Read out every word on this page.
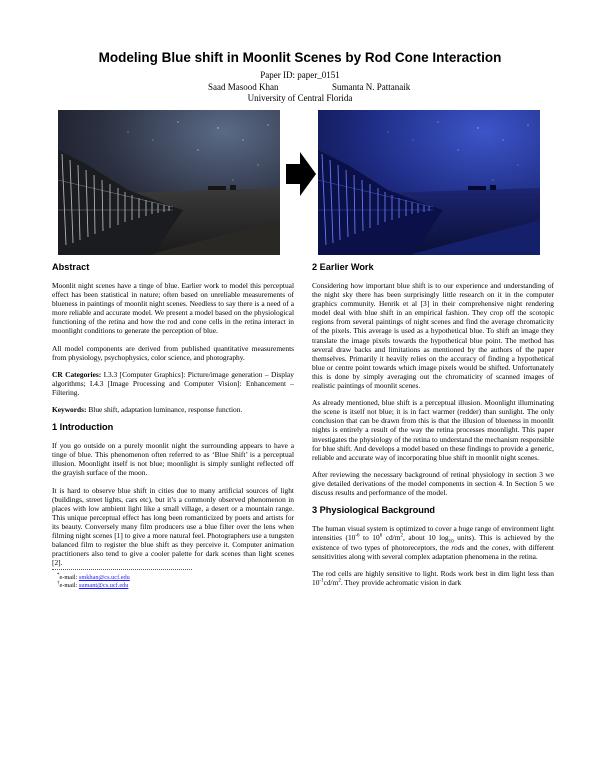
Modeling Blue shift in Moonlit Scenes by Rod Cone Interaction
Paper ID: paper_0151
Saad Masood Khan	Sumanta N. Pattanaik
University of Central Florida
Abstract

Moonlit night scenes have a tinge of blue. Earlier work to model this perceptual effect has been statistical in nature; often based on unreliable measurements of blueness in paintings of moonlit night scenes. Needless to say there is a need of a more reliable and accurate model. We present a model based on the physiological functioning of the retina and how the rod and cone cells in the retina interact in moonlight conditions to generate the perception of blue.

All model components are derived from published quantitative measurements from physiology, psychophysics, color science, and photography.

CR Categories: I.3.3 [Computer Graphics]: Picture/image generation – Display algorithms; I.4.3 [Image Processing and Computer Vision]: Enhancement – Filtering.

Keywords: Blue shift, adaptation luminance, response function.

1 Introduction

If you go outside on a purely moonlit night the surrounding appears to have a tinge of blue. This phenomenon often referred to as ‘Blue Shift’ is a perceptual illusion. Moonlight itself is not blue; moonlight is simply sunlight reflected off the grayish surface of the moon.

It is hard to observe blue shift in cities due to many artificial sources of light (buildings, street lights, cars etc), but it’s a commonly observed phenomenon in places with low ambient light like a small village, a desert or a mountain range. This unique perceptual effect has long been romanticized by poets and artists for its beauty. Conversely many film producers use a blue filter over the lens when filming night scenes [1] to give a more natural feel. Photographers use a tungsten balanced film to register the blue shift as they perceive it. Computer animation practitioners also tend to give a cooler palette for dark scenes than light scenes [2].

*e-mail: smkhan@cs.ucf.edu
†e-mail: sumant@cs.ucf.edu
2 Earlier Work

Considering how important blue shift is to our experience and understanding of the night sky there has been surprisingly little research on it in the computer graphics community. Henrik et al [3] in their comprehensive night rendering model deal with blue shift in an empirical fashion. They crop off the scotopic regions from several paintings of night scenes and find the average chromaticity of the pixels. This average is used as a hypothetical blue. To shift an image they translate the image pixels towards the hypothetical blue point. The method has several draw backs and limitations as mentioned by the authors of the paper themselves. Primarily it heavily relies on the accuracy of finding a hypothetical blue or centre point towards which image pixels would be shifted. Unfortunately this is done by simply averaging out the chromaticity of scanned images of realistic paintings of moonlit scenes.

As already mentioned, blue shift is a perceptual illusion. Moonlight illuminating the scene is itself not blue; it is in fact warmer (redder) than sunlight. The only conclusion that can be drawn from this is that the illusion of blueness in moonlit nights is entirely a result of the way the retina processes moonlight. This paper investigates the physiology of the retina to understand the mechanism responsible for blue shift. And develops a model based on these findings to provide a generic, reliable and accurate way of incorporating blue shift in moonlit night scenes.

After reviewing the necessary background of retinal physiology in section 3 we give detailed derivations of the model components in section 4. In Section 5 we discuss results and performance of the model.

3 Physiological Background

The human visual system is optimized to cover a huge range of environment light intensities ($10^{-6}$ to $10^6$ $cd/m^2$, about 10 $\log_{10}$ units). This is achieved by the existence of two types of photoreceptors, the rods and the cones, with different sensitivities along with several complex adaptation phenomena in the retina.

The rod cells are highly sensitive to light. Rods work best in dim light less than $10^{-1}cd/m^2$. They provide achromatic vision in dark
